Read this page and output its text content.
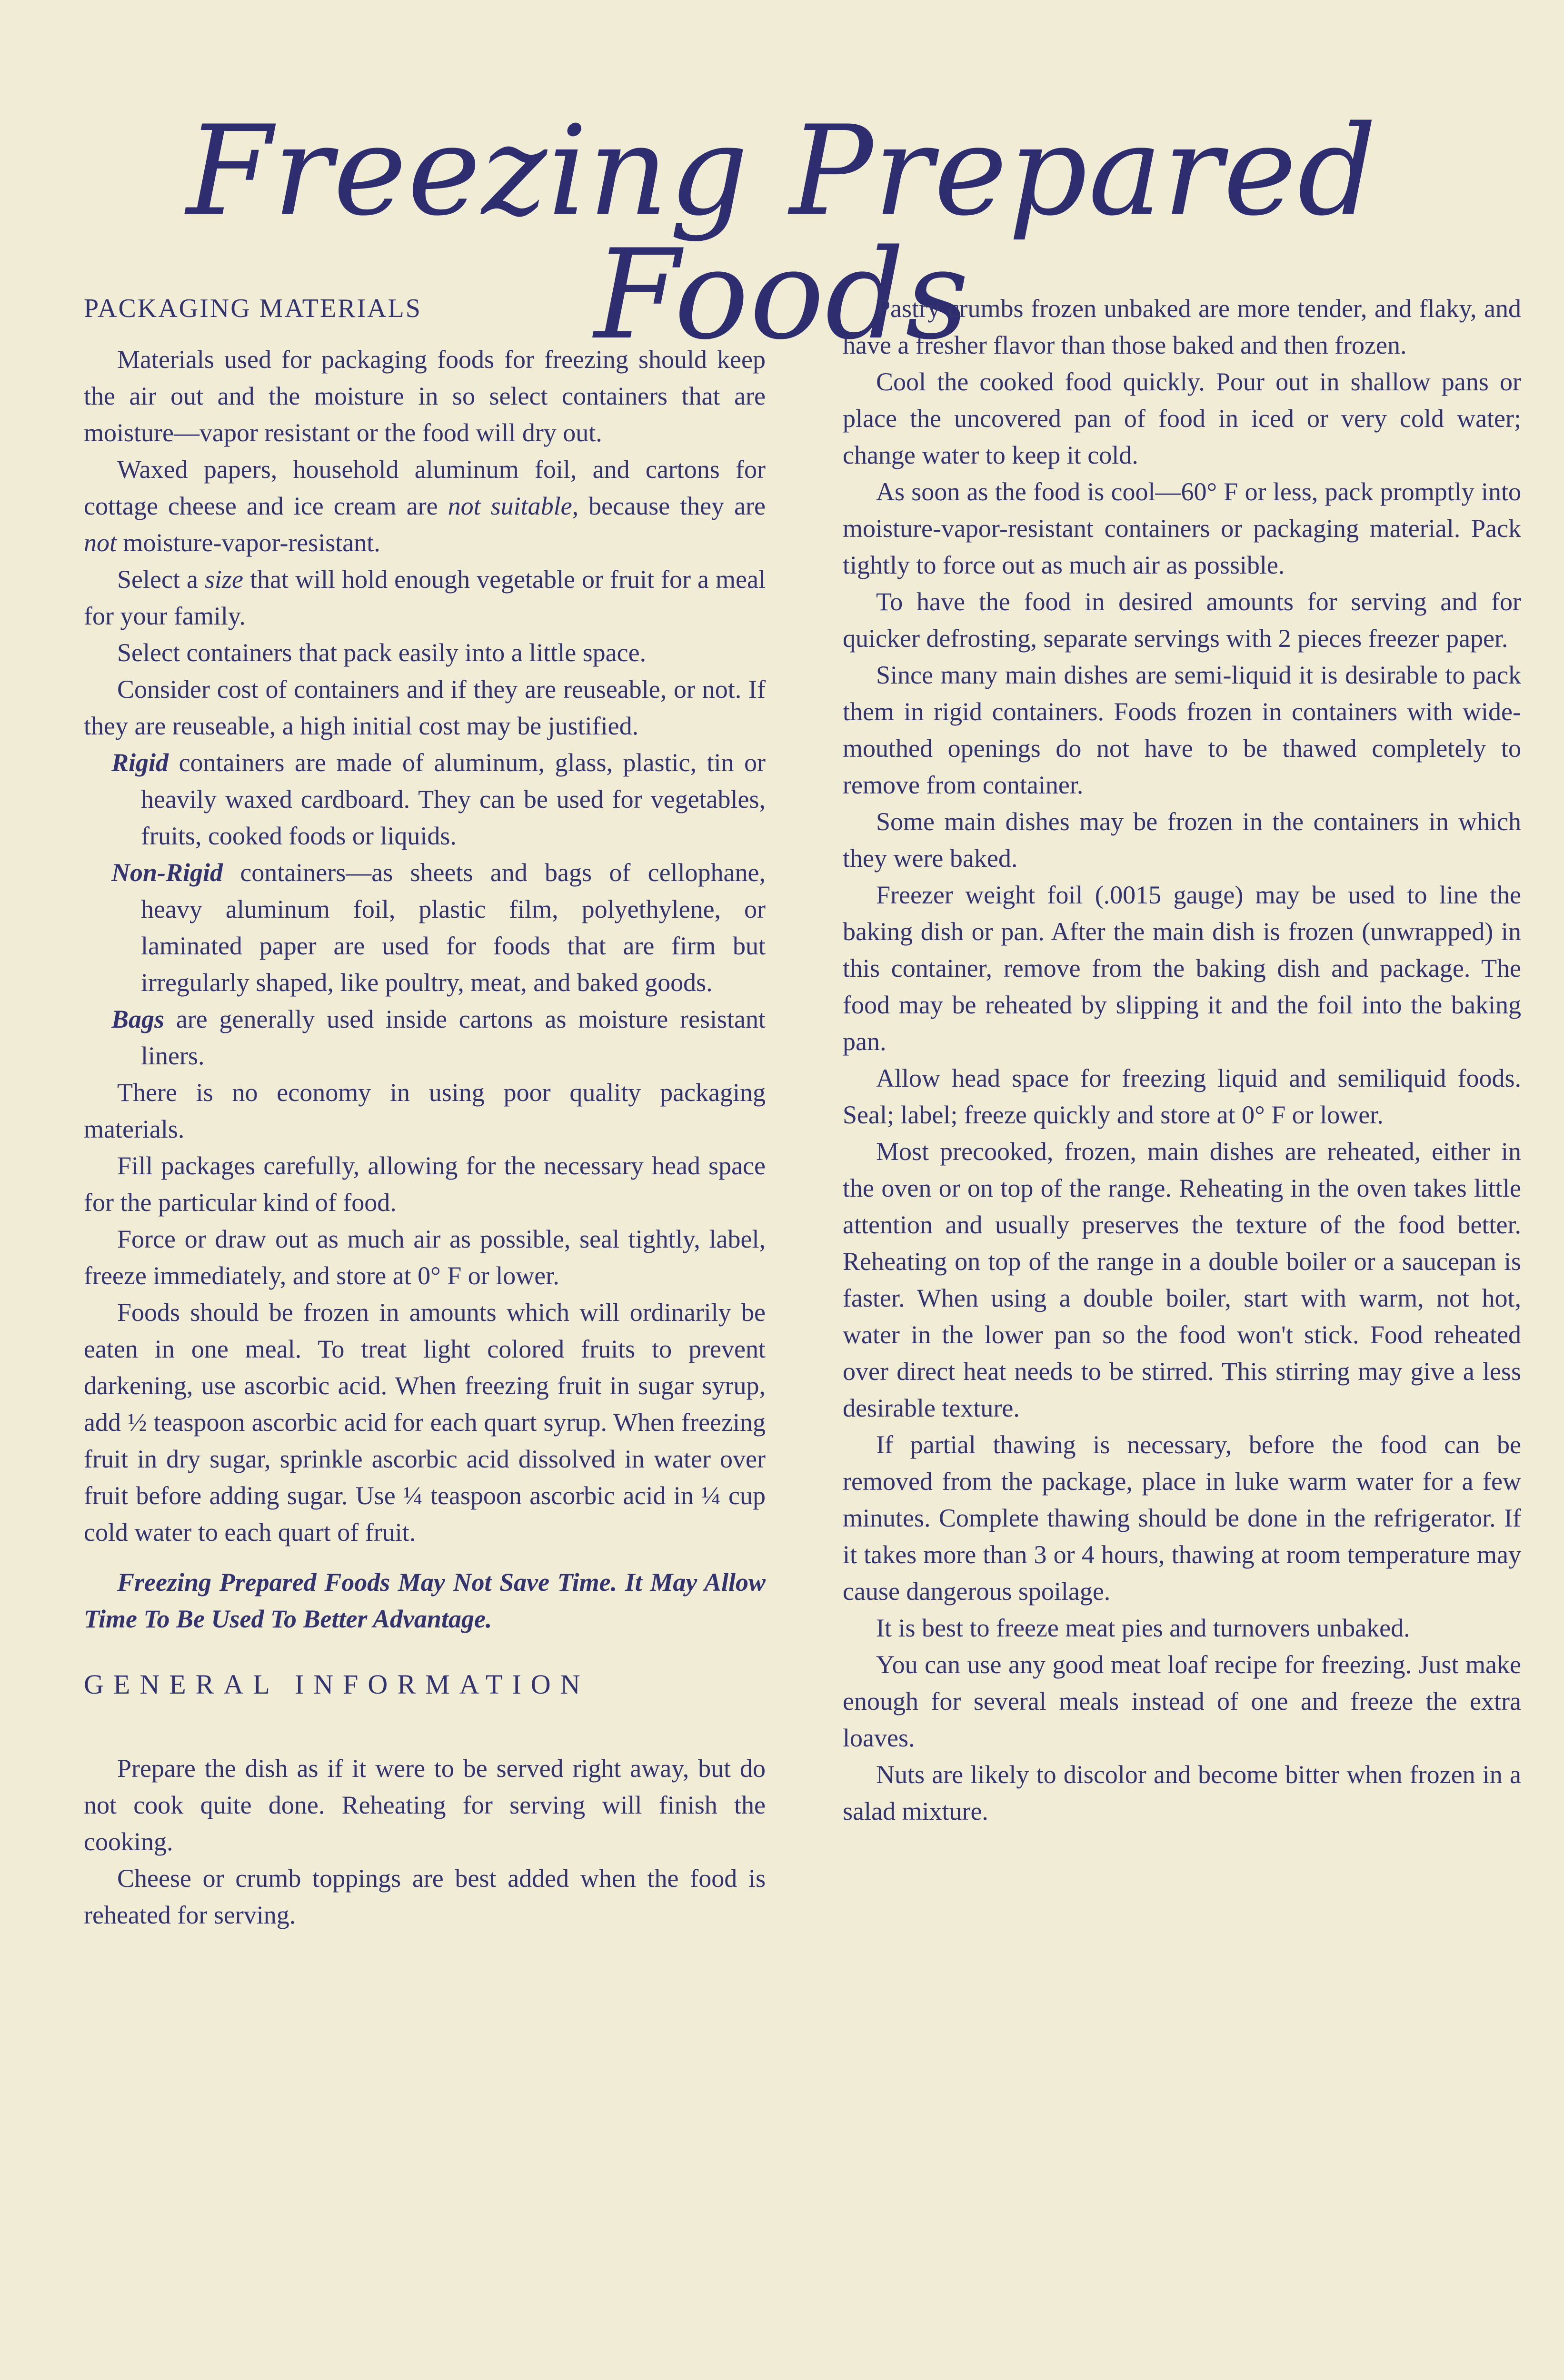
Freezing Prepared Foods
PACKAGING MATERIALS

Materials used for packaging foods for freezing should keep the air out and the moisture in so select containers that are moisture—vapor resistant or the food will dry out.

Waxed papers, household aluminum foil, and cartons for cottage cheese and ice cream are not suitable, because they are not moisture-vapor-resistant.

Select a size that will hold enough vegetable or fruit for a meal for your family.

Select containers that pack easily into a little space.

Consider cost of containers and if they are reuseable, or not. If they are reuseable, a high initial cost may be justified.

Rigid containers are made of aluminum, glass, plastic, tin or heavily waxed cardboard. They can be used for vegetables, fruits, cooked foods or liquids.

Non-Rigid containers—as sheets and bags of cellophane, heavy aluminum foil, plastic film, polyethylene, or laminated paper are used for foods that are firm but irregularly shaped, like poultry, meat, and baked goods.

Bags are generally used inside cartons as moisture resistant liners.

There is no economy in using poor quality packaging materials.

Fill packages carefully, allowing for the necessary head space for the particular kind of food.

Force or draw out as much air as possible, seal tightly, label, freeze immediately, and store at 0° F or lower.

Foods should be frozen in amounts which will ordinarily be eaten in one meal. To treat light colored fruits to prevent darkening, use ascorbic acid. When freezing fruit in sugar syrup, add ½ teaspoon ascorbic acid for each quart syrup. When freezing fruit in dry sugar, sprinkle ascorbic acid dissolved in water over fruit before adding sugar. Use ¼ teaspoon ascorbic acid in ¼ cup cold water to each quart of fruit.

Freezing Prepared Foods May Not Save Time. It May Allow Time To Be Used To Better Advantage.

GENERAL INFORMATION

Prepare the dish as if it were to be served right away, but do not cook quite done. Reheating for serving will finish the cooking.

Cheese or crumb toppings are best added when the food is reheated for serving.

Pastry crumbs frozen unbaked are more tender, and flaky, and have a fresher flavor than those baked and then frozen.

Cool the cooked food quickly. Pour out in shallow pans or place the uncovered pan of food in iced or very cold water; change water to keep it cold.

As soon as the food is cool—60° F or less, pack promptly into moisture-vapor-resistant containers or packaging material. Pack tightly to force out as much air as possible.

To have the food in desired amounts for serving and for quicker defrosting, separate servings with 2 pieces freezer paper.

Since many main dishes are semi-liquid it is desirable to pack them in rigid containers. Foods frozen in containers with wide-mouthed openings do not have to be thawed completely to remove from container.

Some main dishes may be frozen in the containers in which they were baked.

Freezer weight foil (.0015 gauge) may be used to line the baking dish or pan. After the main dish is frozen (unwrapped) in this container, remove from the baking dish and package. The food may be reheated by slipping it and the foil into the baking pan.

Allow head space for freezing liquid and semiliquid foods. Seal; label; freeze quickly and store at 0° F or lower.

Most precooked, frozen, main dishes are reheated, either in the oven or on top of the range. Reheating in the oven takes little attention and usually preserves the texture of the food better. Reheating on top of the range in a double boiler or a saucepan is faster. When using a double boiler, start with warm, not hot, water in the lower pan so the food won't stick. Food reheated over direct heat needs to be stirred. This stirring may give a less desirable texture.

If partial thawing is necessary, before the food can be removed from the package, place in luke warm water for a few minutes. Complete thawing should be done in the refrigerator. If it takes more than 3 or 4 hours, thawing at room temperature may cause dangerous spoilage.

It is best to freeze meat pies and turnovers unbaked.

You can use any good meat loaf recipe for freezing. Just make enough for several meals instead of one and freeze the extra loaves.

Nuts are likely to discolor and become bitter when frozen in a salad mixture.
